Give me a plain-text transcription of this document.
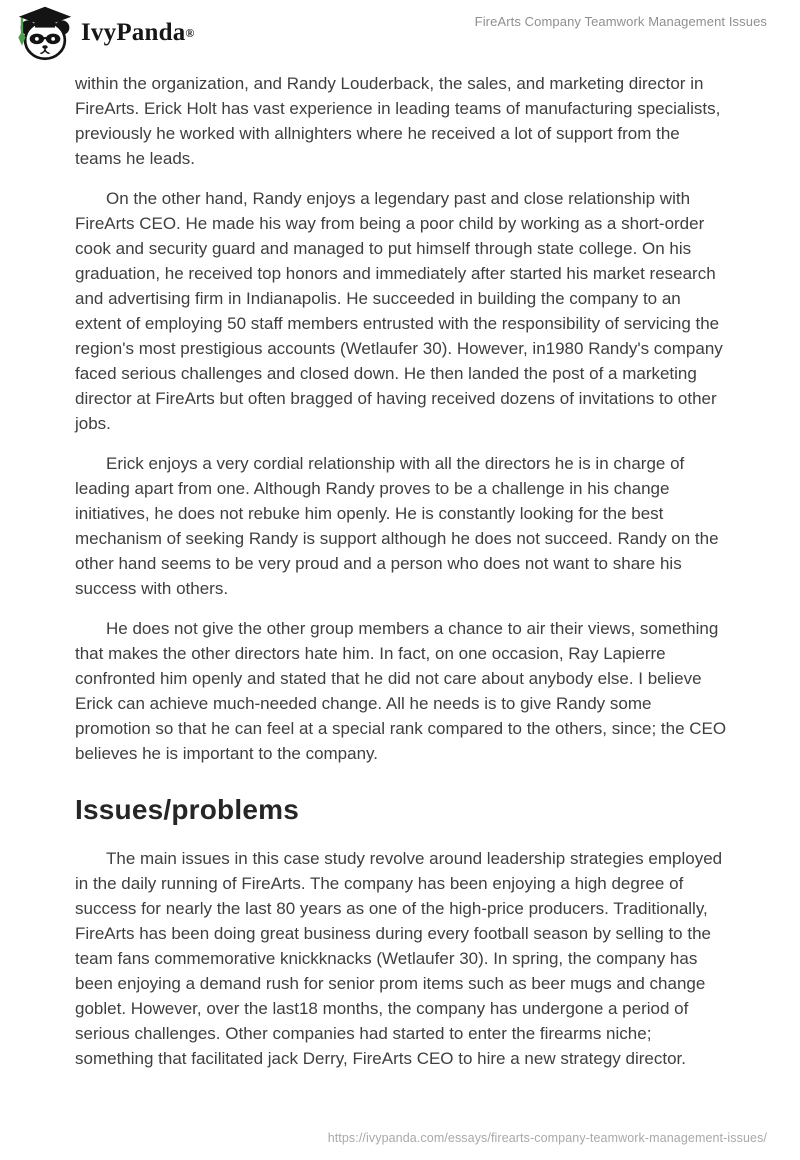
IvyPanda ®
FireArts Company Teamwork Management Issues

within the organization, and Randy Louderback, the sales, and marketing director in FireArts. Erick Holt has vast experience in leading teams of manufacturing specialists, previously he worked with allnighters where he received a lot of support from the teams he leads.

On the other hand, Randy enjoys a legendary past and close relationship with FireArts CEO. He made his way from being a poor child by working as a short-order cook and security guard and managed to put himself through state college. On his graduation, he received top honors and immediately after started his market research and advertising firm in Indianapolis. He succeeded in building the company to an extent of employing 50 staff members entrusted with the responsibility of servicing the region's most prestigious accounts (Wetlaufer 30). However, in1980 Randy's company faced serious challenges and closed down. He then landed the post of a marketing director at FireArts but often bragged of having received dozens of invitations to other jobs.

Erick enjoys a very cordial relationship with all the directors he is in charge of leading apart from one. Although Randy proves to be a challenge in his change initiatives, he does not rebuke him openly. He is constantly looking for the best mechanism of seeking Randy is support although he does not succeed. Randy on the other hand seems to be very proud and a person who does not want to share his success with others.

He does not give the other group members a chance to air their views, something that makes the other directors hate him. In fact, on one occasion, Ray Lapierre confronted him openly and stated that he did not care about anybody else. I believe Erick can achieve much-needed change. All he needs is to give Randy some promotion so that he can feel at a special rank compared to the others, since; the CEO believes he is important to the company.

Issues/problems

The main issues in this case study revolve around leadership strategies employed in the daily running of FireArts. The company has been enjoying a high degree of success for nearly the last 80 years as one of the high-price producers. Traditionally, FireArts has been doing great business during every football season by selling to the team fans commemorative knickknacks (Wetlaufer 30). In spring, the company has been enjoying a demand rush for senior prom items such as beer mugs and change goblet. However, over the last18 months, the company has undergone a period of serious challenges. Other companies had started to enter the firearms niche; something that facilitated jack Derry, FireArts CEO to hire a new strategy director.

https://ivypanda.com/essays/firearts-company-teamwork-management-issues/
